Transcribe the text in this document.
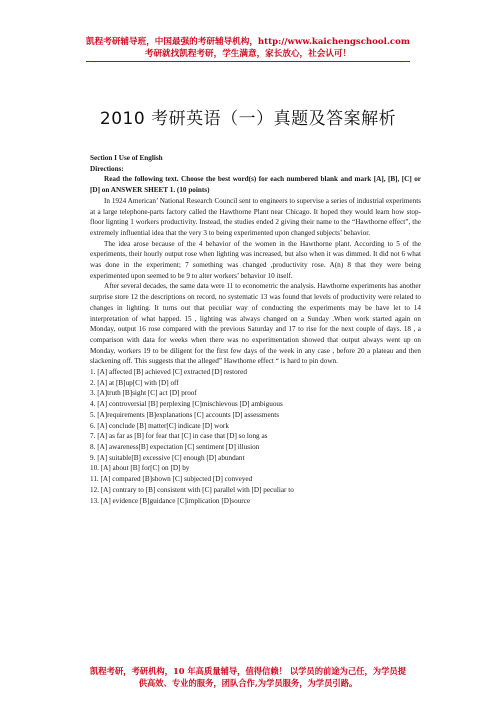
凯程考研辅导班，中国最强的考研辅导机构，http://www.kaichengschool.com
考研就找凯程考研，学生满意，家长放心，社会认可！
2010 考研英语（一）真题及答案解析

Section I Use of English

Directions:

Read the following text. Choose the best word(s) for each numbered blank and mark [A], [B], [C] or [D] on ANSWER SHEET 1. (10 points)

In 1924 American’ National Research Council sent to engineers to supervise a series of industrial experiments at a large telephone-parts factory called the Hawthorne Plant near Chicago. It hoped they would learn how stop-floor lignting 1 workers productivity. Instead, the studies ended 2 giving their name to the “Hawthorne effect”, the extremely influential idea that the very 3 to being experimented upon changed subjects’ behavior.

The idea arose because of the 4 behavior of the women in the Hawthorne plant. According to 5 of the experiments, their hourly output rose when lighting was increased, but also when it was dimmed. It did not 6 what was done in the experiment; 7 something was changed ,productivity rose. A(n) 8 that they were being experimented upon seemed to be 9 to alter workers’ behavior 10 itself.

After several decades, the same data were 11 to econometric the analysis. Hawthorne experiments has another surprise store 12 the descriptions on record, no systematic 13 was found that levels of productivity were related to changes in lighting. It turns out that peculiar way of conducting the experiments may be have let to 14 interpretation of what happed. 15 , lighting was always changed on a Sunday .When work started again on Monday, output 16 rose compared with the previous Saturday and 17 to rise for the next couple of days. 18 , a comparison with data for weeks when there was no experimentation showed that output always went up on Monday, workers 19 to be diligent for the first few days of the week in any case , before 20 a plateau and then slackening off. This suggests that the alleged” Hawthorne effect “ is hard to pin down.

1. [A] affected [B] achieved [C] extracted [D] restored
2. [A] at [B]up[C] with [D] off
3. [A]truth [B]sight [C] act [D] proof
4. [A] controversial [B] perplexing [C]mischievous [D] ambiguous
5. [A]requirements [B]explanations [C] accounts [D] assessments
6. [A] conclude [B] matter[C] indicate [D] work
7. [A] as far as [B] for fear that [C] in case that [D] so long as
8. [A] awareness[B] expectation [C] sentiment [D] illusion
9. [A] suitable[B] excessive [C] enough [D] abundant
10. [A] about [B] for[C] on [D] by
11. [A] compared [B]shown [C] subjected [D] conveyed
12. [A] contrary to [B] consistent with [C] parallel with [D] peculiar to
13. [A] evidence [B]guidance [C]implication [D]source
凯程考研，考研机构，10 年高质量辅导，值得信赖！ 以学员的前途为己任，为学员提
供高效、专业的服务，团队合作,为学员服务，为学员引路。
